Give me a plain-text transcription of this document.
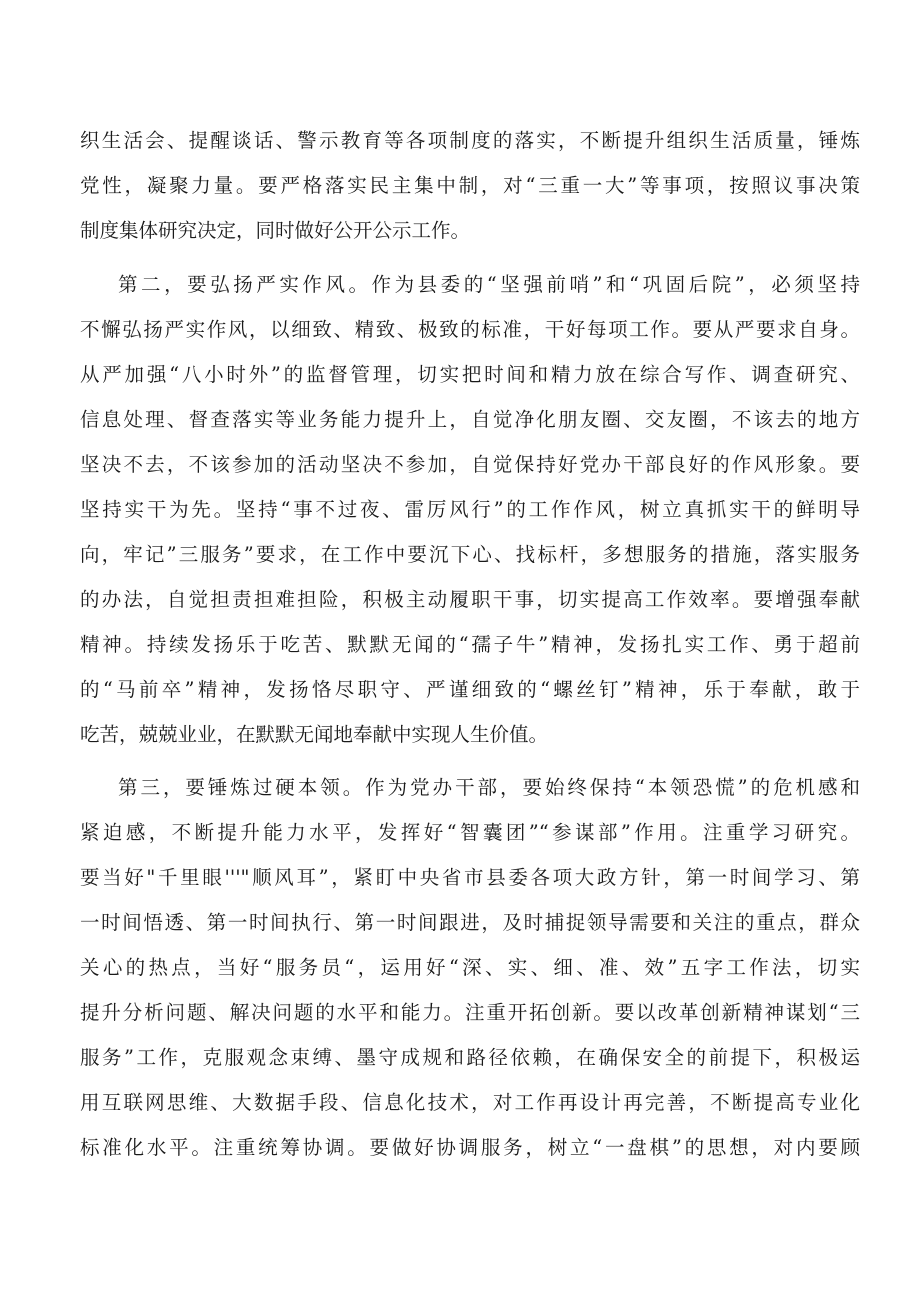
织生活会、提醒谈话、警示教育等各项制度的落实，不断提升组织生活质量，锤炼
党性，凝聚力量。要严格落实民主集中制，对“三重一大”等事项，按照议事决策
制度集体研究决定，同时做好公开公示工作。
第二，要弘扬严实作风。作为县委的“坚强前哨”和“巩固后院”，必须坚持
不懈弘扬严实作风，以细致、精致、极致的标准，干好每项工作。要从严要求自身。
从严加强“八小时外”的监督管理，切实把时间和精力放在综合写作、调查研究、
信息处理、督查落实等业务能力提升上，自觉净化朋友圈、交友圈，不该去的地方
坚决不去，不该参加的活动坚决不参加，自觉保持好党办干部良好的作风形象。要
坚持实干为先。坚持“事不过夜、雷厉风行”的工作作风，树立真抓实干的鲜明导
向，牢记”三服务”要求，在工作中要沉下心、找标杆，多想服务的措施，落实服务
的办法，自觉担责担难担险，积极主动履职干事，切实提高工作效率。要增强奉献
精神。持续发扬乐于吃苦、默默无闻的“孺子牛”精神，发扬扎实工作、勇于超前
的“马前卒”精神，发扬恪尽职守、严谨细致的“螺丝钉”精神，乐于奉献，敢于
吃苦，兢兢业业，在默默无闻地奉献中实现人生价值。
第三，要锤炼过硬本领。作为党办干部，要始终保持“本领恐慌”的危机感和
紧迫感，不断提升能力水平，发挥好“智囊团”“参谋部”作用。注重学习研究。
要当好"千里眼'''"顺风耳”，紧盯中央省市县委各项大政方针，第一时间学习、第
一时间悟透、第一时间执行、第一时间跟进，及时捕捉领导需要和关注的重点，群众
关心的热点，当好“服务员“，运用好“深、实、细、准、效”五字工作法，切实
提升分析问题、解决问题的水平和能力。注重开拓创新。要以改革创新精神谋划“三
服务”工作，克服观念束缚、墨守成规和路径依赖，在确保安全的前提下，积极运
用互联网思维、大数据手段、信息化技术，对工作再设计再完善，不断提高专业化
标准化水平。注重统筹协调。要做好协调服务，树立“一盘棋”的思想，对内要顾
